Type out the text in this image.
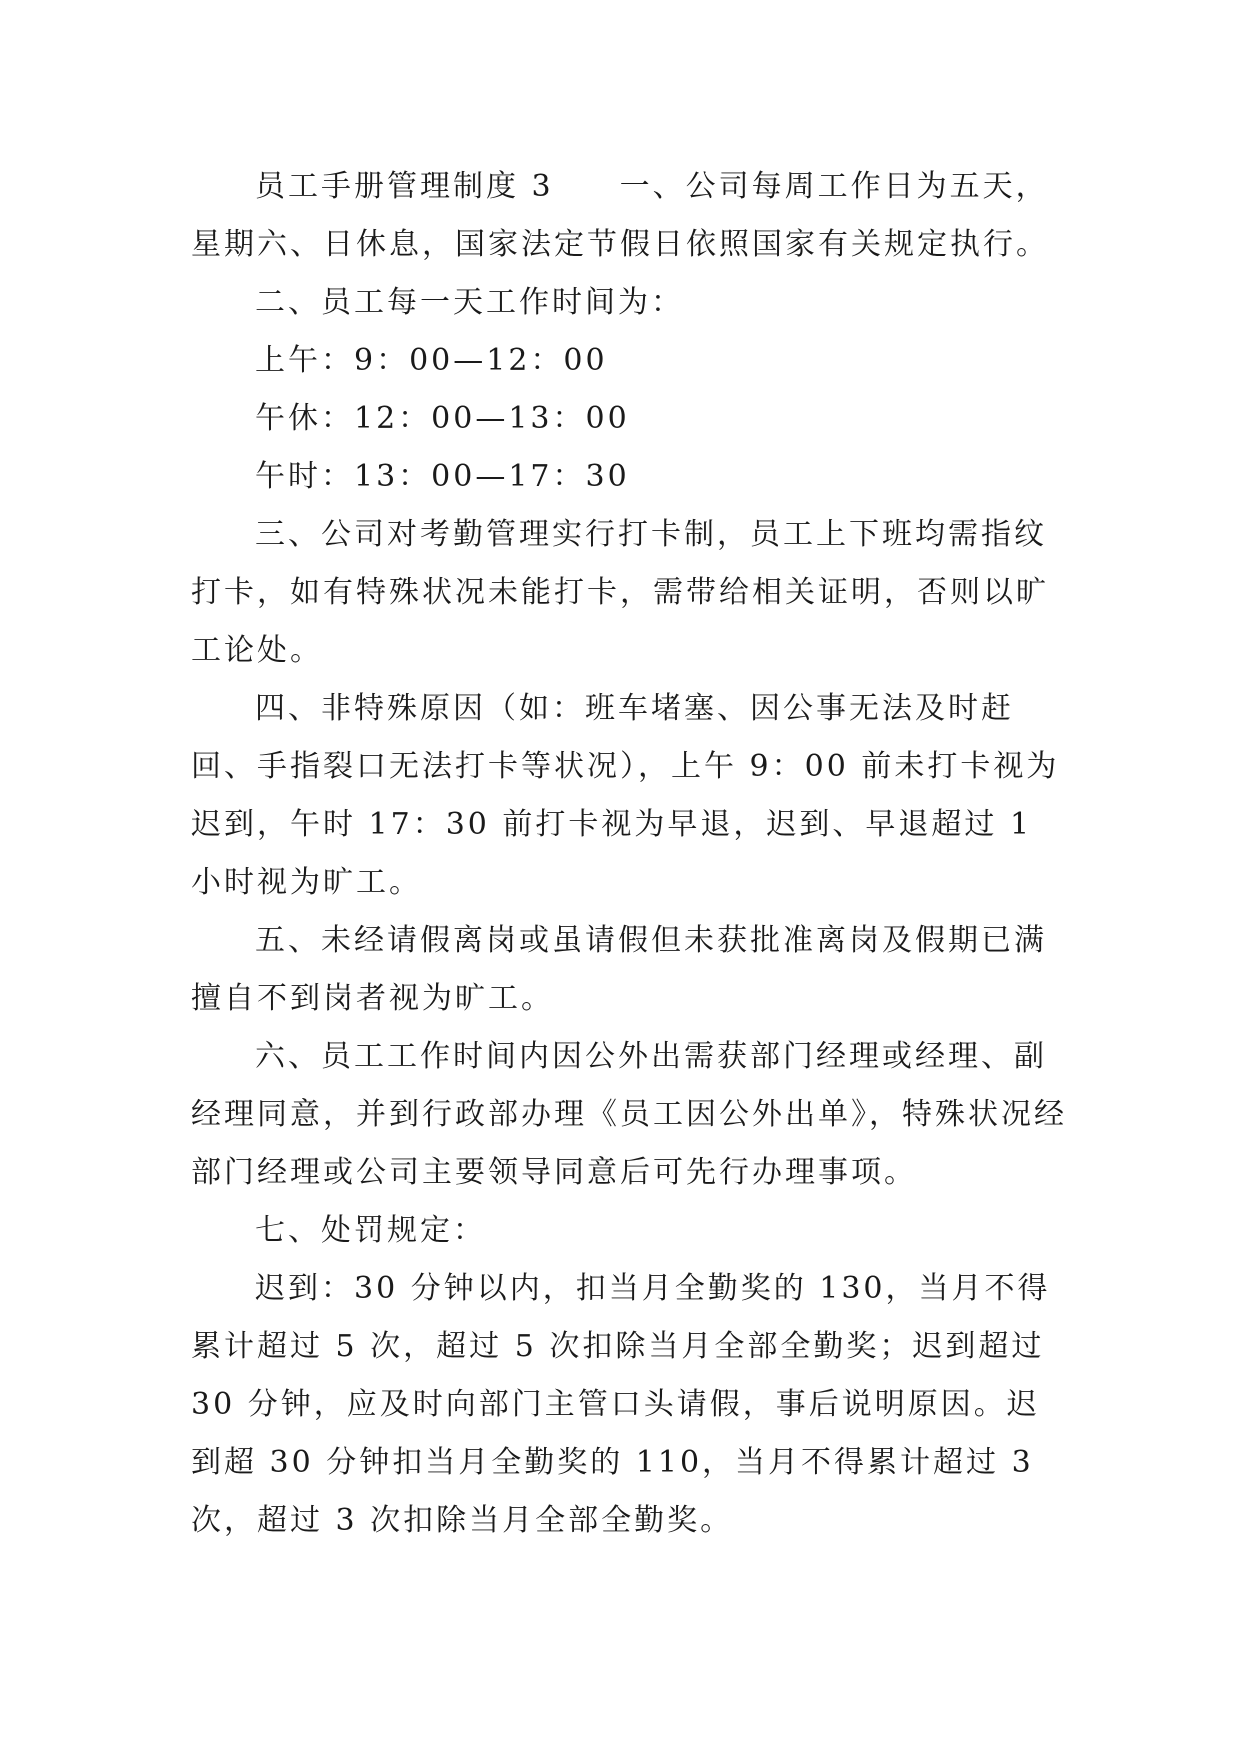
员工手册管理制度 3　　一、公司每周工作日为五天，星期六、日休息，国家法定节假日依照国家有关规定执行。

二、员工每一天工作时间为：

上午：9：00—12：00

午休：12：00—13：00

午时：13：00—17：30

三、公司对考勤管理实行打卡制，员工上下班均需指纹打卡，如有特殊状况未能打卡，需带给相关证明，否则以旷工论处。

四、非特殊原因（如：班车堵塞、因公事无法及时赶回、手指裂口无法打卡等状况），上午 9：00 前未打卡视为迟到，午时 17：30 前打卡视为早退，迟到、早退超过 1 小时视为旷工。

五、未经请假离岗或虽请假但未获批准离岗及假期已满擅自不到岗者视为旷工。

六、员工工作时间内因公外出需获部门经理或经理、副经理同意，并到行政部办理《员工因公外出单》，特殊状况经部门经理或公司主要领导同意后可先行办理事项。

七、处罚规定：

迟到：30 分钟以内，扣当月全勤奖的 130，当月不得累计超过 5 次，超过 5 次扣除当月全部全勤奖；迟到超过 30 分钟，应及时向部门主管口头请假，事后说明原因。迟到超 30 分钟扣当月全勤奖的 110，当月不得累计超过 3 次，超过 3 次扣除当月全部全勤奖。
